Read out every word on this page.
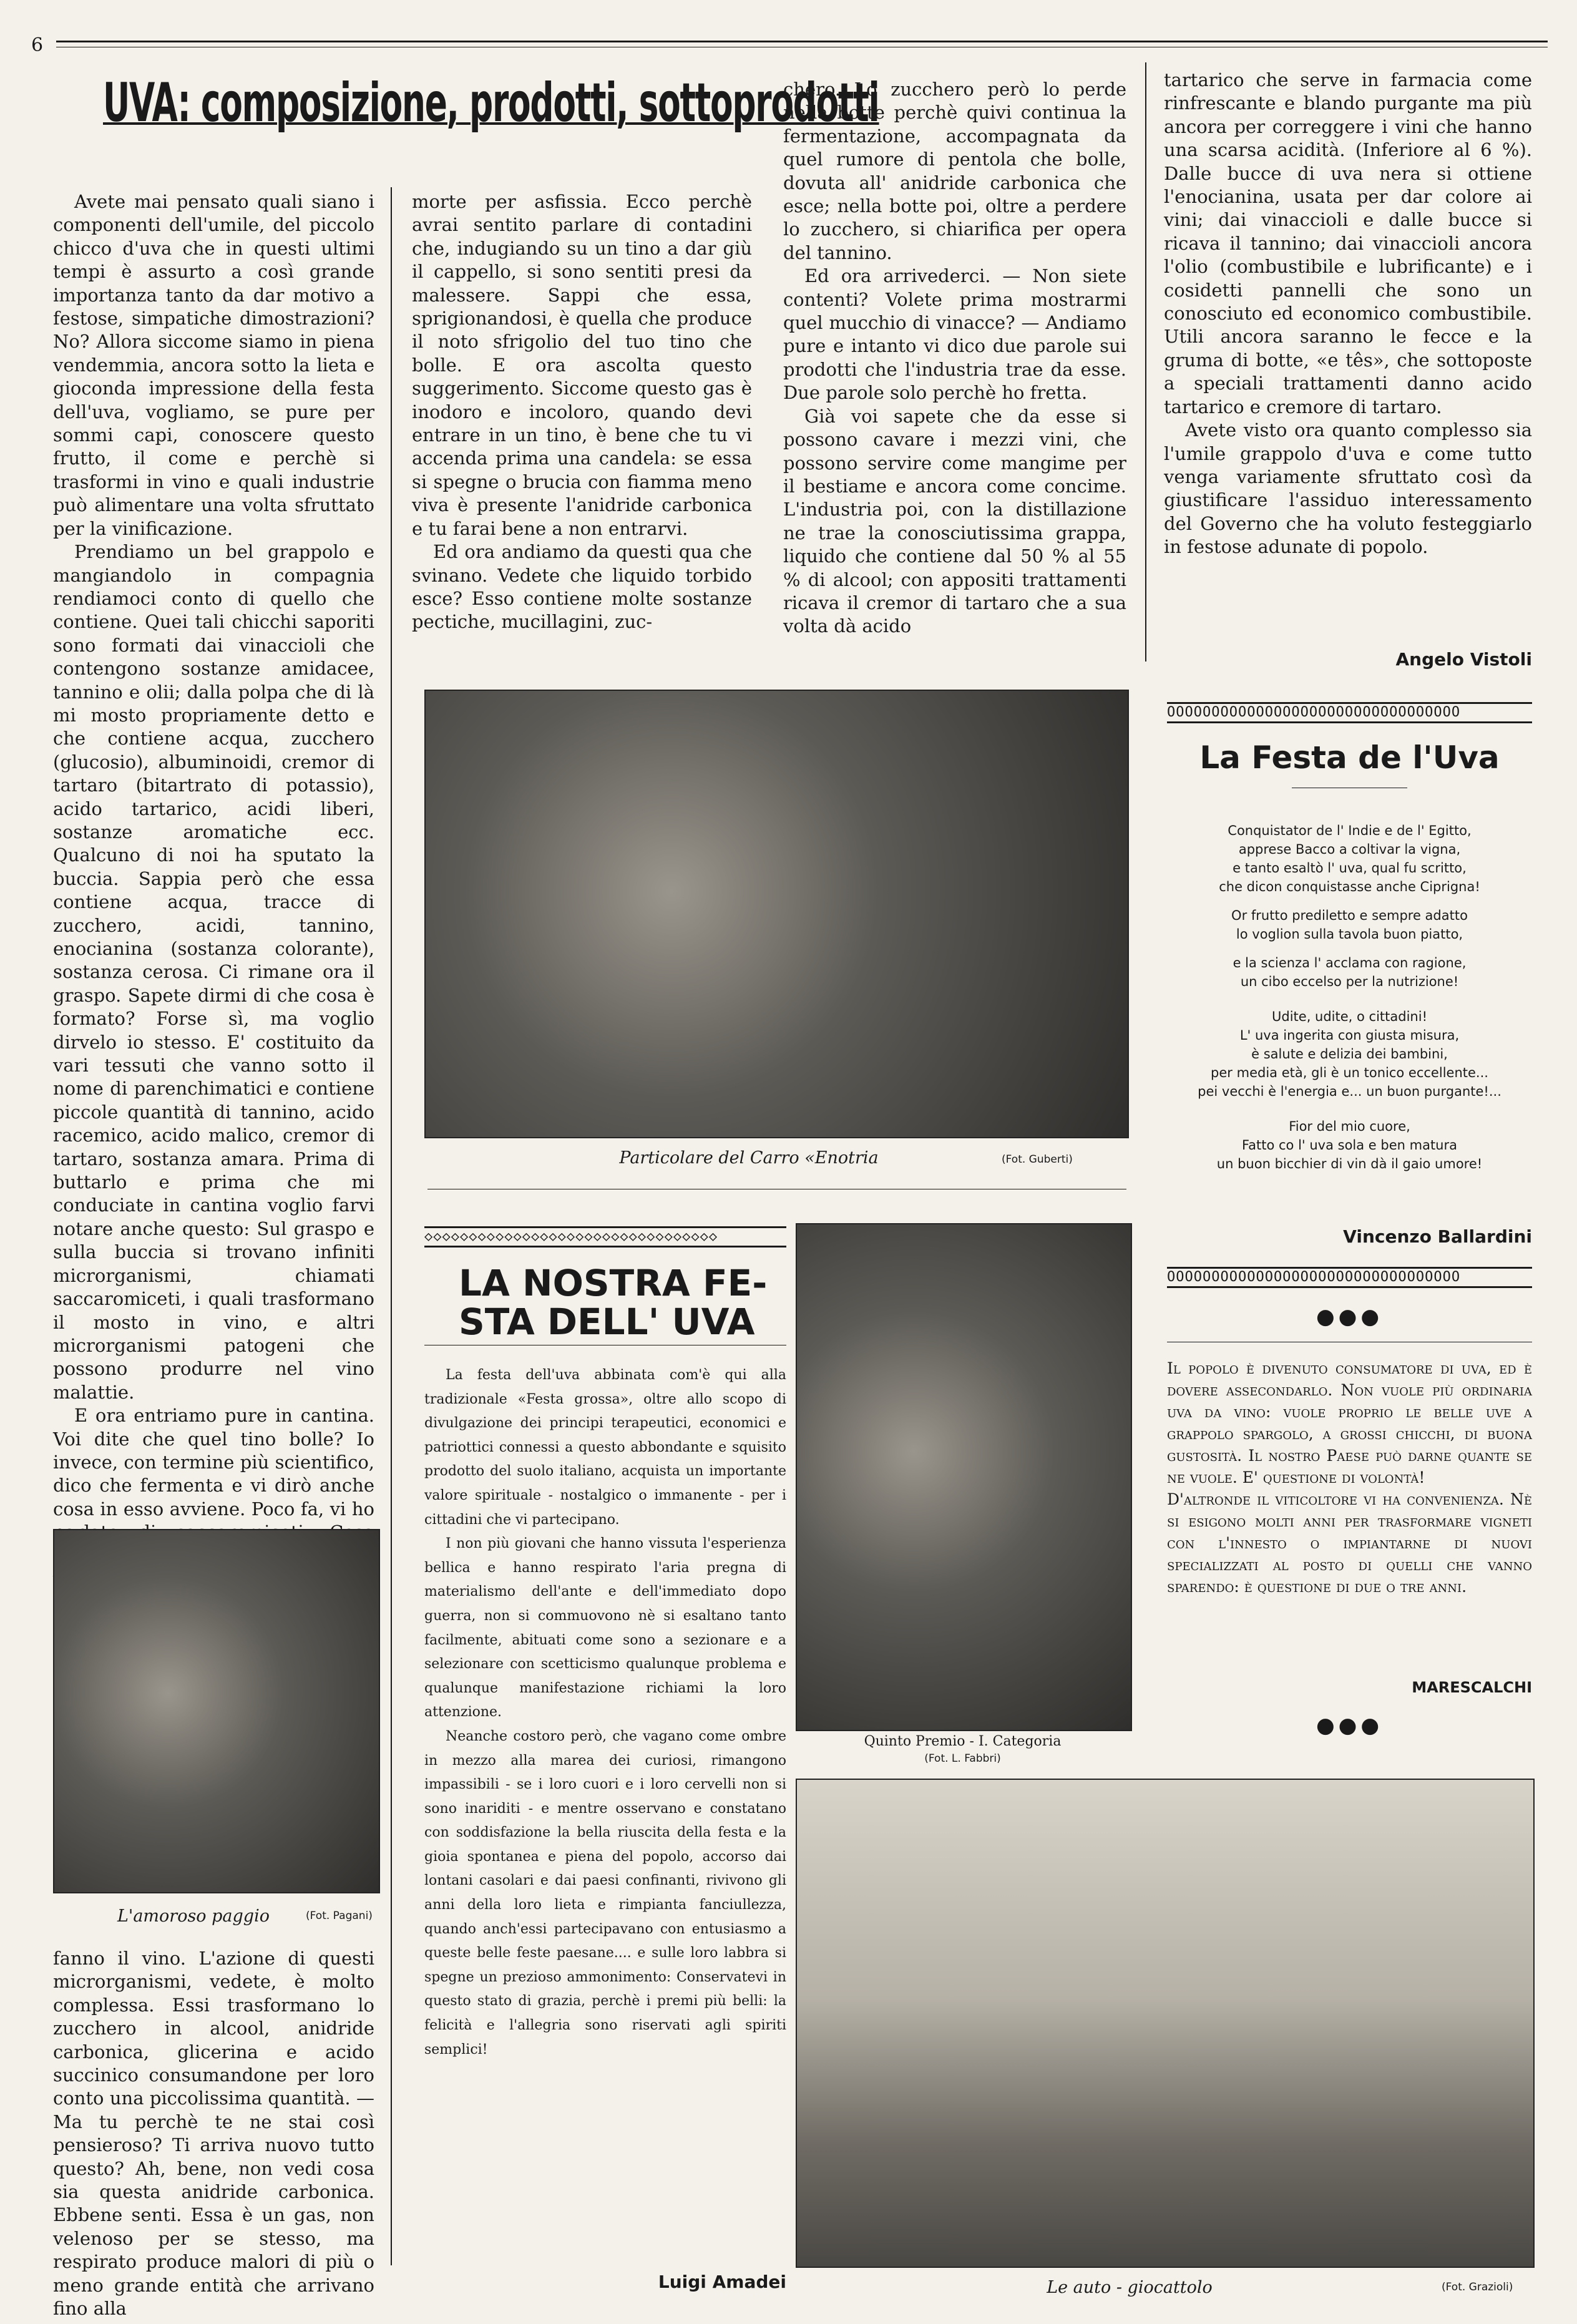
6
UVA: composizione, prodotti, sottoprodotti
Avete mai pensato quali siano i componenti dell'umile, del piccolo chicco d'uva che in questi ultimi tempi è assurto a così grande importanza tanto da dar motivo a festose, simpatiche dimostrazioni? No? Allora siccome siamo in piena vendemmia, ancora sotto la lieta e gioconda impressione della festa dell'uva, vogliamo, se pure per sommi capi, conoscere questo frutto, il come e perchè si trasformi in vino e quali industrie può alimentare una volta sfruttato per la vinificazione.
Prendiamo un bel grappolo e mangiandolo in compagnia rendiamoci conto di quello che contiene. Quei tali chicchi saporiti sono formati dai vinaccioli che contengono sostanze amidacee, tannino e olii; dalla polpa che di là mi mosto propriamente detto e che contiene acqua, zucchero (glucosio), albuminoidi, cremor di tartaro (bitartrato di potassio), acido tartarico, acidi liberi, sostanze aromatiche ecc. Qualcuno di noi ha sputato la buccia. Sappia però che essa contiene acqua, tracce di zucchero, acidi, tannino, enocianina (sostanza colorante), sostanza cerosa. Ci rimane ora il graspo. Sapete dirmi di che cosa è formato? Forse sì, ma voglio dirvelo io stesso. E' costituito da vari tessuti che vanno sotto il nome di parenchimatici e contiene piccole quantità di tannino, acido racemico, acido malico, cremor di tartaro, sostanza amara. Prima di buttarlo e prima che mi conduciate in cantina voglio farvi notare anche questo: Sul graspo e sulla buccia si trovano infiniti microrganismi, chiamati saccaromiceti, i quali trasformano il mosto in vino, e altri microrganismi patogeni che possono produrre nel vino malattie.
E ora entriamo pure in cantina. Voi dite che quel tino bolle? Io invece, con termine più scientifico, dico che fermenta e vi dirò anche cosa in esso avviene. Poco fa, vi ho
L'amoroso paggio	(Fot. Pagani)
fanno il vino. L'azione di questi microrganismi, vedete, è molto complessa. Essi trasformano lo zucchero in alcool, anidride carbonica, glicerina e acido succinico consumandone per loro conto una piccolissima quantità. — Ma tu perchè te ne stai così pensieroso? Ti arriva nuovo tutto questo? Ah, bene, non vedi cosa sia questa anidride carbonica. Ebbene senti. Essa è un gas, non velenoso per se stesso, ma respirato produce malori di più o meno grande entità che arrivano fino alla
morte per asfissia. Ecco perchè avrai sentito parlare di contadini che, indugiando su un tino a dar giù il cappello, si sono sentiti presi da malessere. Sappi che essa, sprigionandosi, è quella che produce il noto sfrigolio del tuo tino che bolle. E ora ascolta questo suggerimento. Siccome questo gas è inodoro e incoloro, quando devi entrare in un tino, è bene che tu vi accenda prima una candela: se essa si spegne o brucia con fiamma meno viva è presente l'anidride carbonica e tu farai bene a non entrarvi.
Ed ora andiamo da questi qua che svinano. Vedete che liquido torbido esce? Esso contiene molte sostanze pectiche, mucillagini, zuc-
chero. Lo zucchero però lo perde nella botte perchè quivi continua la fermentazione, accompagnata da quel rumore di pentola che bolle, dovuta all' anidride carbonica che esce; nella botte poi, oltre a perdere lo zucchero, si chiarifica per opera del tannino.
Ed ora arrivederci. — Non siete contenti? Volete prima mostrarmi quel mucchio di vinacce? — Andiamo pure e intanto vi dico due parole sui prodotti che l'industria trae da esse. Due parole solo perchè ho fretta.
Già voi sapete che da esse si possono cavare i mezzi vini, che possono servire come mangime per il bestiame e ancora come concime. L'industria poi, con la distillazione ne trae la conosciutissima grappa, liquido che contiene dal 50 % al 55 % di alcool; con appositi trattamenti ricava il cremor di tartaro che a sua volta dà acido
tartarico che serve in farmacia come rinfrescante e blando purgante ma più ancora per correggere i vini che hanno una scarsa acidità. (Inferiore al 6 %). Dalle bucce di uva nera si ottiene l'enocianina, usata per dar colore ai vini; dai vinaccioli e dalle bucce si ricava il tannino; dai vinaccioli ancora l'olio (combustibile e lubrificante) e i cosidetti pannelli che sono un conosciuto ed economico combustibile. Utili ancora saranno le fecce e la gruma di botte, «e tês», che sottoposte a speciali trattamenti danno acido tartarico e cremore di tartaro.
Avete visto ora quanto complesso sia l'umile grappolo d'uva e come tutto venga variamente sfruttato così da giustificare l'assiduo interessamento del Governo che ha voluto festeggiarlo in festose adunate di popolo.
Angelo Vistoli
Particolare del Carro «Enotria	(Fot. Guberti)
◇◇◇◇◇◇◇◇◇◇◇◇◇◇◇◇◇◇◇◇◇◇◇◇◇◇◇◇◇◇◇◇◇
LA NOSTRA FE-
STA DELL' UVA
La festa dell'uva abbinata com'è qui alla tradizionale «Festa grossa», oltre allo scopo di divulgazione dei principi terapeutici, economici e patriottici connessi a questo abbondante e squisito prodotto del suolo italiano, acquista un importante valore spirituale - nostalgico o immanente - per i cittadini che vi partecipano.
I non più giovani che hanno vissuta l'esperienza bellica e hanno respirato l'aria pregna di materialismo dell'ante e dell'immediato dopo guerra, non si commuovono nè si esaltano tanto facilmente, abituati come sono a sezionare e a selezionare con scetticismo qualunque problema e qualunque manifestazione richiami la loro attenzione.
Neanche costoro però, che vagano come ombre in mezzo alla marea dei curiosi, rimangono impassibili - se i loro cuori e i loro cervelli non si sono inariditi - e mentre osservano e constatano con soddisfazione la bella riuscita della festa e la gioia spontanea e piena del popolo, accorso dai lontani casolari e dai paesi confinanti, rivivono gli anni della loro lieta e rimpianta fanciullezza, quando anch'essi partecipavano con entusiasmo a queste belle feste paesane.... e sulle loro labbra si spegne un prezioso ammonimento: Conservatevi in questo stato di grazia, perchè i premi più belli: la felicità e l'allegria sono riservati agli spiriti semplici!
Luigi Amadei
Quinto Premio - I. Categoria
(Fot. L. Fabbri)
OOOOOOOOOOOOOOOOOOOOOOOOOOOOOOOOO
La Festa de l'Uva
Conquistator de l' Indie e de l' Egitto,
apprese Bacco a coltivar la vigna,
e tanto esaltò l' uva, qual fu scritto,
che dicon conquistasse anche Ciprigna!
Or frutto prediletto e sempre adatto
lo voglion sulla tavola buon piatto,
e la scienza l' acclama con ragione,
un cibo eccelso per la nutrizione!
Udite, udite, o cittadini!
L' uva ingerita con giusta misura,
è salute e delizia dei bambini,
per media età, gli è un tonico eccellente...
pei vecchi è l'energia e... un buon purgante!...
Fior del mio cuore,
Fatto co l' uva sola e ben matura
un buon bicchier di vin dà il gaio umore!
Vincenzo Ballardini
OOOOOOOOOOOOOOOOOOOOOOOOOOOOOOOOO
●●●
Il popolo è divenuto consumatore di uva, ed è dovere assecondarlo. Non vuole più ordinaria uva da vino: vuole proprio le belle uve a grappolo spargolo, a grossi chicchi, di buona gustosità. Il nostro Paese può darne quante se ne vuole. E' questione di volontà!
D'altronde il viticoltore vi ha convenienza. Nè si esigono molti anni per trasformare vigneti con l'innesto o impiantarne di nuovi specializzati al posto di quelli che vanno sparendo: è questione di due o tre anni.
MARESCALCHI
●●●
Le auto - giocattolo	(Fot. Grazioli)
